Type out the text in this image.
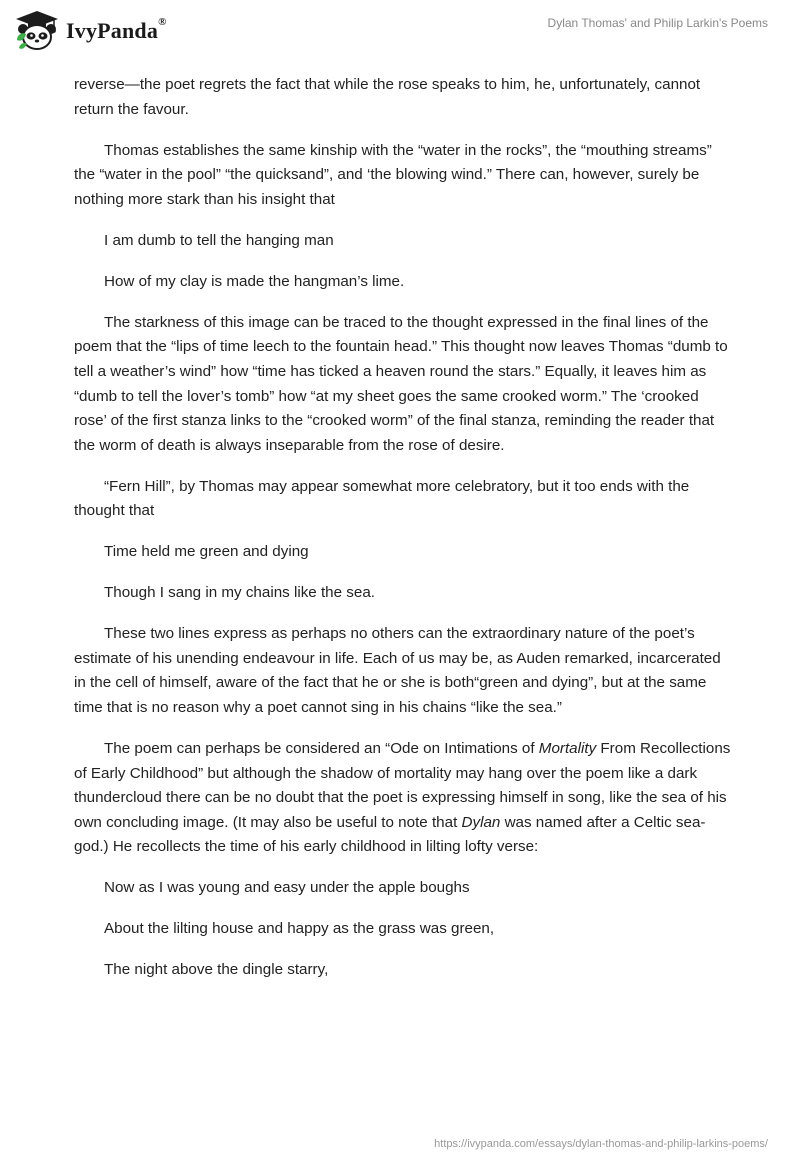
IvyPanda®	Dylan Thomas' and Philip Larkin's Poems

reverse—the poet regrets the fact that while the rose speaks to him, he, unfortunately, cannot return the favour.

Thomas establishes the same kinship with the “water in the rocks”, the “mouthing streams” the “water in the pool” “the quicksand”, and ‘the blowing wind.” There can, however, surely be nothing more stark than his insight that

I am dumb to tell the hanging man

How of my clay is made the hangman’s lime.

The starkness of this image can be traced to the thought expressed in the final lines of the poem that the “lips of time leech to the fountain head.” This thought now leaves Thomas “dumb to tell a weather’s wind” how “time has ticked a heaven round the stars.” Equally, it leaves him as “dumb to tell the lover’s tomb” how “at my sheet goes the same crooked worm.” The ‘crooked rose’ of the first stanza links to the “crooked worm” of the final stanza, reminding the reader that the worm of death is always inseparable from the rose of desire.

“Fern Hill”, by Thomas may appear somewhat more celebratory, but it too ends with the thought that

Time held me green and dying

Though I sang in my chains like the sea.

These two lines express as perhaps no others can the extraordinary nature of the poet’s estimate of his unending endeavour in life. Each of us may be, as Auden remarked, incarcerated in the cell of himself, aware of the fact that he or she is both“green and dying”, but at the same time that is no reason why a poet cannot sing in his chains “like the sea.”

The poem can perhaps be considered an “Ode on Intimations of Mortality From Recollections of Early Childhood” but although the shadow of mortality may hang over the poem like a dark thundercloud there can be no doubt that the poet is expressing himself in song, like the sea of his own concluding image. (It may also be useful to note that Dylan was named after a Celtic sea-god.) He recollects the time of his early childhood in lilting lofty verse:

Now as I was young and easy under the apple boughs

About the lilting house and happy as the grass was green,

The night above the dingle starry,

https://ivypanda.com/essays/dylan-thomas-and-philip-larkins-poems/
